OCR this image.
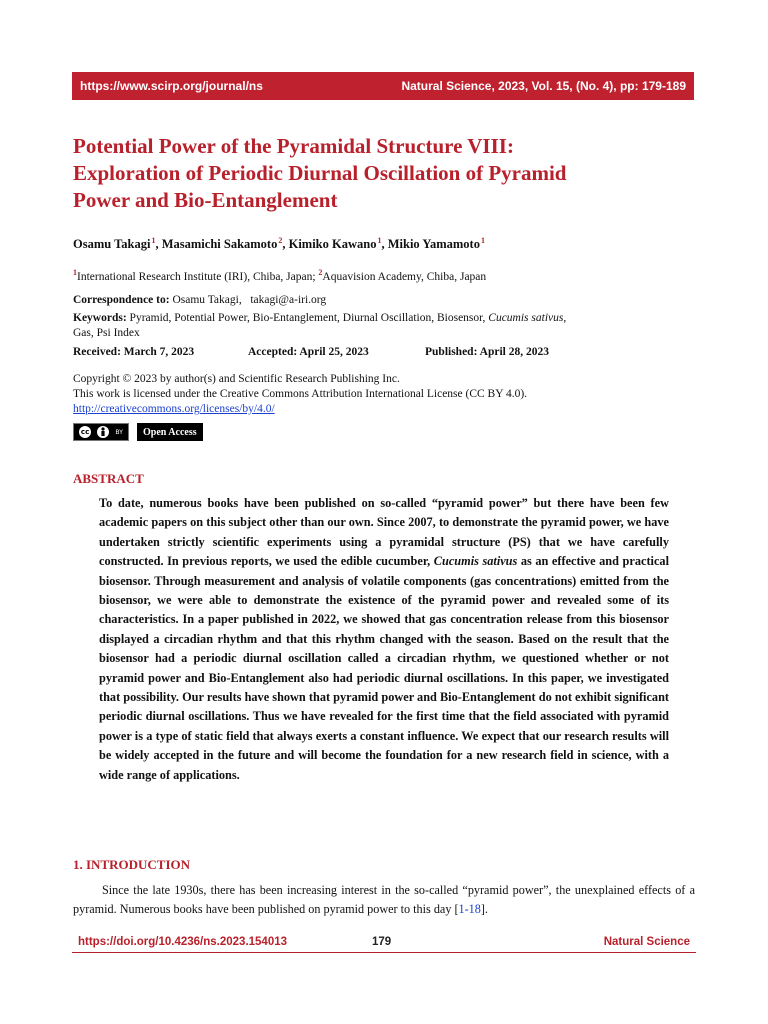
https://www.scirp.org/journal/ns	Natural Science, 2023, Vol. 15, (No. 4), pp: 179-189
Potential Power of the Pyramidal Structure VIII:
Exploration of Periodic Diurnal Oscillation of Pyramid
Power and Bio-Entanglement
Osamu Takagi$^1$, Masamichi Sakamoto$^2$, Kimiko Kawano$^1$, Mikio Yamamoto$^1$
$^1$International Research Institute (IRI), Chiba, Japan; $^2$Aquavision Academy, Chiba, Japan
Correspondence to: Osamu Takagi, takagi@a-iri.org
Keywords: Pyramid, Potential Power, Bio-Entanglement, Diurnal Oscillation, Biosensor, Cucumis sativus,
Gas, Psi Index
Received: March 7, 2023	Accepted: April 25, 2023	Published: April 28, 2023
Copyright © 2023 by author(s) and Scientific Research Publishing Inc.
This work is licensed under the Creative Commons Attribution International License (CC BY 4.0).
http://creativecommons.org/licenses/by/4.0/
cc	BY	Open Access
ABSTRACT

To date, numerous books have been published on so-called “pyramid power” but there have been few academic papers on this subject other than our own. Since 2007, to demonstrate the pyramid power, we have undertaken strictly scientific experiments using a pyramidal structure (PS) that we have carefully constructed. In previous reports, we used the edible cucumber, Cucumis sativus as an effective and practical biosensor. Through measurement and analysis of volatile components (gas concentrations) emitted from the biosensor, we were able to demonstrate the existence of the pyramid power and revealed some of its characteristics. In a paper published in 2022, we showed that gas concentration release from this biosensor displayed a circadian rhythm and that this rhythm changed with the season. Based on the result that the biosensor had a periodic diurnal oscillation called a circadian rhythm, we questioned whether or not pyramid power and Bio-Entanglement also had periodic diurnal oscillations. In this paper, we investigated that possibility. Our results have shown that pyramid power and Bio-Entanglement do not exhibit significant periodic diurnal oscillations. Thus we have revealed for the first time that the field associated with pyramid power is a type of static field that always exerts a constant influence. We expect that our research results will be widely accepted in the future and will become the foundation for a new research field in science, with a wide range of applications.

1. INTRODUCTION

Since the late 1930s, there has been increasing interest in the so-called “pyramid power”, the unexplained effects of a pyramid. Numerous books have been published on pyramid power to this day [1-18].

https://doi.org/10.4236/ns.2023.154013	179	Natural Science
